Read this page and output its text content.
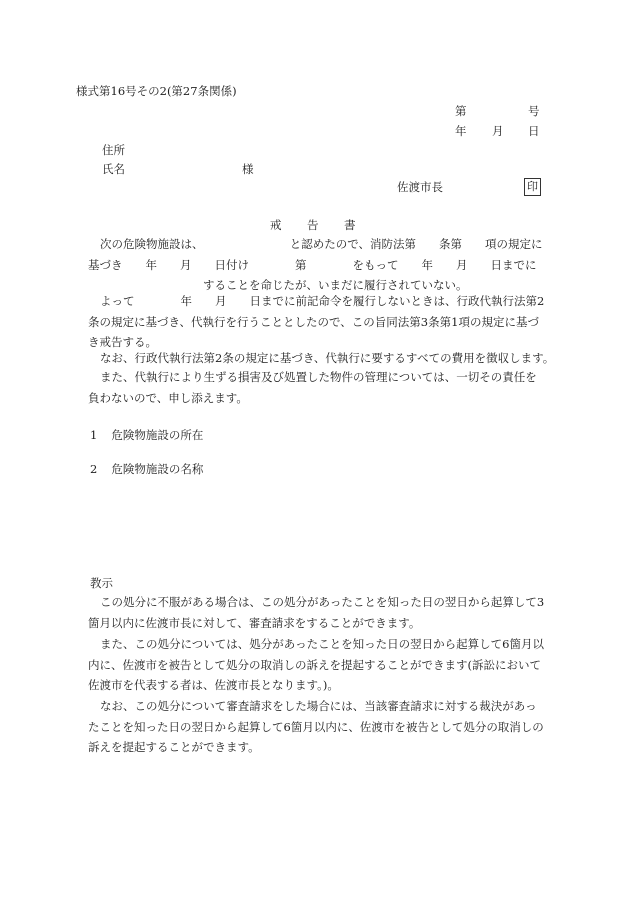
様式第16号その2(第27条関係)
第	号
年 月 日
住所
氏名	様
佐渡市長	印
戒 告 書
次の危険物施設は、　　　　　　　　と認めたので、消防法第　　条第　　項の規定に
基づき　　年　　月　　日付け　　　　第　　　　をもって　　年　　月　　日までに
　　　　　　　　　　することを命じたが、いまだに履行されていない。
よって　　　　年　　月　　日までに前記命令を履行しないときは、行政代執行法第2
条の規定に基づき、代執行を行うこととしたので、この旨同法第3条第1項の規定に基づ
き戒告する。
なお、行政代執行法第2条の規定に基づき、代執行に要するすべての費用を徴収します。
また、代執行により生ずる損害及び処置した物件の管理については、一切その責任を
負わないので、申し添えます。
1 危険物施設の所在
2 危険物施設の名称
教示
この処分に不服がある場合は、この処分があったことを知った日の翌日から起算して3
箇月以内に佐渡市長に対して、審査請求をすることができます。
また、この処分については、処分があったことを知った日の翌日から起算して6箇月以
内に、佐渡市を被告として処分の取消しの訴えを提起することができます(訴訟において
佐渡市を代表する者は、佐渡市長となります。)。
なお、この処分について審査請求をした場合には、当該審査請求に対する裁決があっ
たことを知った日の翌日から起算して6箇月以内に、佐渡市を被告として処分の取消しの
訴えを提起することができます。
